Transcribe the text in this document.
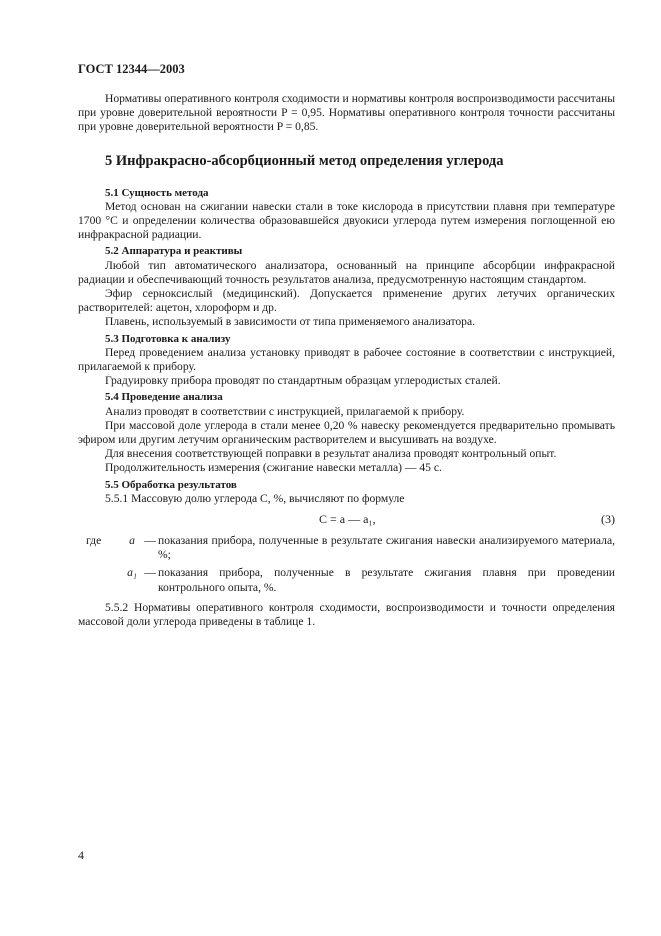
ГОСТ 12344—2003

Нормативы оперативного контроля сходимости и нормативы контроля воспроизводимости рассчитаны при уровне доверительной вероятности P = 0,95. Нормативы оперативного контроля точности рассчитаны при уровне доверительной вероятности P = 0,85.

5 Инфракрасно-абсорбционный метод определения углерода
5.1 Сущность метода

Метод основан на сжигании навески стали в токе кислорода в присутствии плавня при температуре 1700 °С и определении количества образовавшейся двуокиси углерода путем измерения поглощенной ею инфракрасной радиации.

5.2 Аппаратура и реактивы

Любой тип автоматического анализатора, основанный на принципе абсорбции инфракрасной радиации и обеспечивающий точность результатов анализа, предусмотренную настоящим стандартом.

Эфир серноксислый (медицинский). Допускается применение других летучих органических растворителей: ацетон, хлороформ и др.

Плавень, используемый в зависимости от типа применяемого анализатора.

5.3 Подготовка к анализу

Перед проведением анализа установку приводят в рабочее состояние в соответствии с инструкцией, прилагаемой к прибору.

Градуировку прибора проводят по стандартным образцам углеродистых сталей.

5.4 Проведение анализа

Анализ проводят в соответствии с инструкцией, прилагаемой к прибору.

При массовой доле углерода в стали менее 0,20 % навеску рекомендуется предварительно промывать эфиром или другим летучим органическим растворителем и высушивать на воздухе.

Для внесения соответствующей поправки в результат анализа проводят контрольный опыт.

Продолжительность измерения (сжигание навески металла) — 45 с.

5.5 Обработка результатов

5.5.1 Массовую долю углерода C, %, вычисляют по формуле

C = a — a₁,	(3)
где	a — показания прибора, полученные в результате сжигания навески анализируемого материала, %;
a₁ — показания прибора, полученные в результате сжигания плавня при проведении контрольного опыта, %.

5.5.2 Нормативы оперативного контроля сходимости, воспроизводимости и точности определения массовой доли углерода приведены в таблице 1.

4
